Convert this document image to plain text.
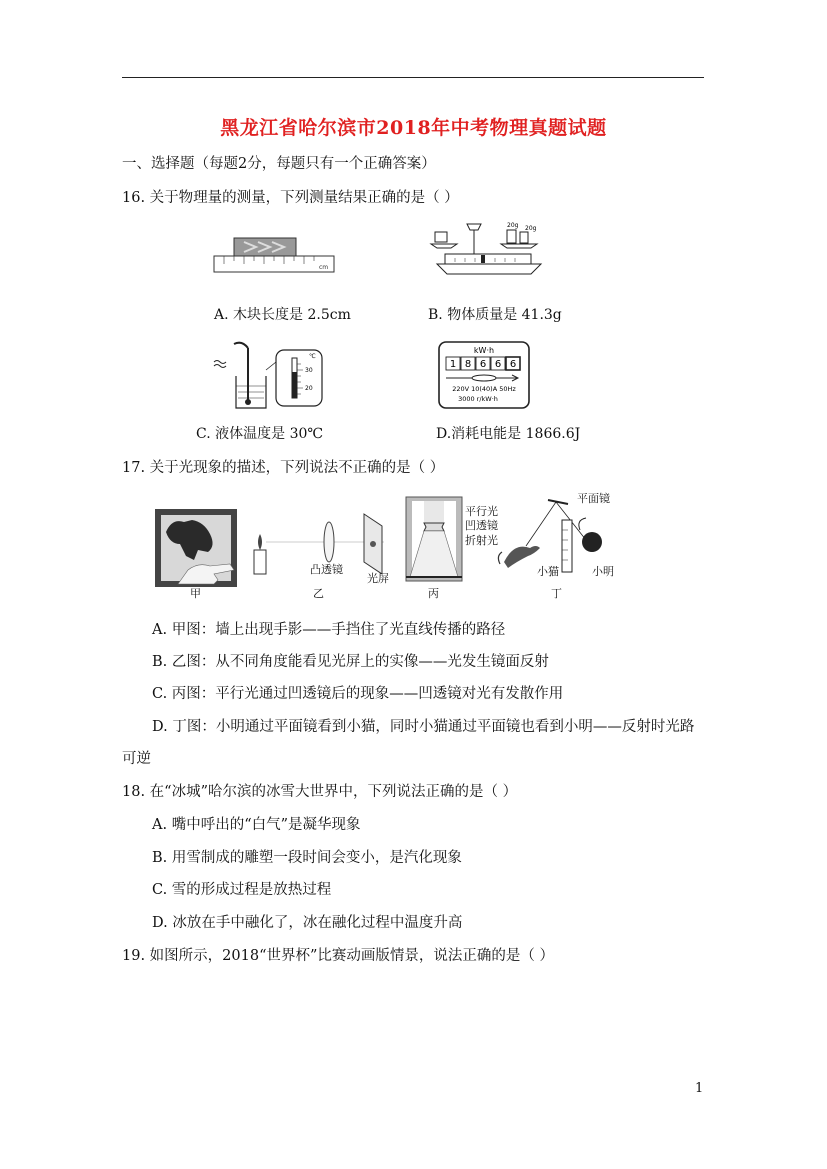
黑龙江省哈尔滨市2018年中考物理真题试题
一、选择题（每题2分，每题只有一个正确答案）
16. 关于物理量的测量，下列测量结果正确的是（ ）
cm
20g 20g
A. 木块长度是 2.5cm	B. 物体质量是 41.3g
℃
30
20
kW·h
1 8 6 6 6
220V 10(40)A 50Hz
3000 r/kW·h
C. 液体温度是 30℃	D.消耗电能是 1866.6J
17. 关于光现象的描述，下列说法不正确的是（ ）
甲
凸透镜
光屏
乙
平行光
凹透镜
折射光
丙
平面镜
小猫	小明
丁
A. 甲图：墙上出现手影——手挡住了光直线传播的路径
B. 乙图：从不同角度能看见光屏上的实像——光发生镜面反射
C. 丙图：平行光通过凹透镜后的现象——凹透镜对光有发散作用
D. 丁图：小明通过平面镜看到小猫，同时小猫通过平面镜也看到小明——反射时光路
可逆
18. 在“冰城”哈尔滨的冰雪大世界中，下列说法正确的是（ ）
A. 嘴中呼出的“白气”是凝华现象
B. 用雪制成的雕塑一段时间会变小，是汽化现象
C. 雪的形成过程是放热过程
D. 冰放在手中融化了，冰在融化过程中温度升高
19. 如图所示，2018“世界杯”比赛动画版情景，说法正确的是（ ）
1
